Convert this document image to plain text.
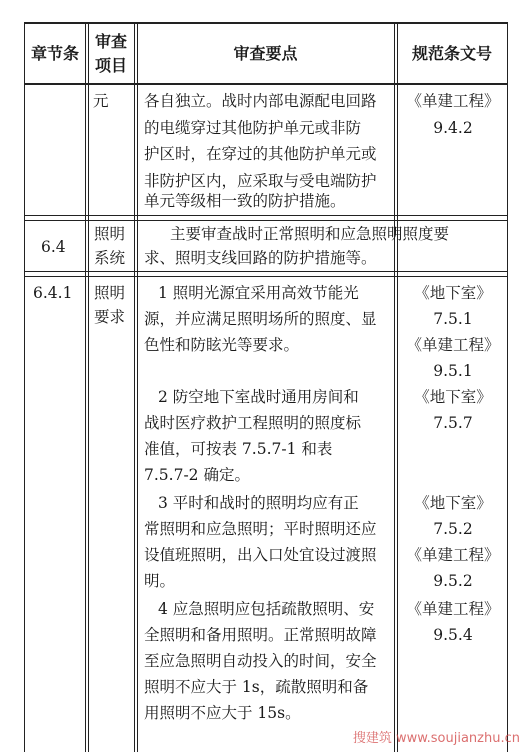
章节条
审查
项目
审查要点	规范条文号
元 各自独立。战时内部电源配电回路
的电缆穿过其他防护单元或非防
护区时，在穿过的其他防护单元或
非防护区内，应采取与受电端防护
单元等级相一致的防护措施。
《单建工程》
9.4.2
6.4
照明
系统
主要审查战时正常照明和应急照明照度要
求、照明支线回路的防护措施等。
6.4.1 照明
要求
1 照明光源宜采用高效节能光
源，并应满足照明场所的照度、显
色性和防眩光等要求。
《地下室》
7.5.1
《单建工程》
9.5.1
2 防空地下室战时通用房间和
战时医疗救护工程照明的照度标
准值，可按表 7.5.7-1 和表
7.5.7-2 确定。
《地下室》
7.5.7
3 平时和战时的照明均应有正
常照明和应急照明；平时照明还应
设值班照明，出入口处宜设过渡照
明。
《地下室》
7.5.2
《单建工程》
9.5.2
4 应急照明应包括疏散照明、安
全照明和备用照明。正常照明故障
至应急照明自动投入的时间，安全
照明不应大于 1s，疏散照明和备
用照明不应大于 15s。
《单建工程》
9.5.4
搜建筑 www.soujianzhu.cn
